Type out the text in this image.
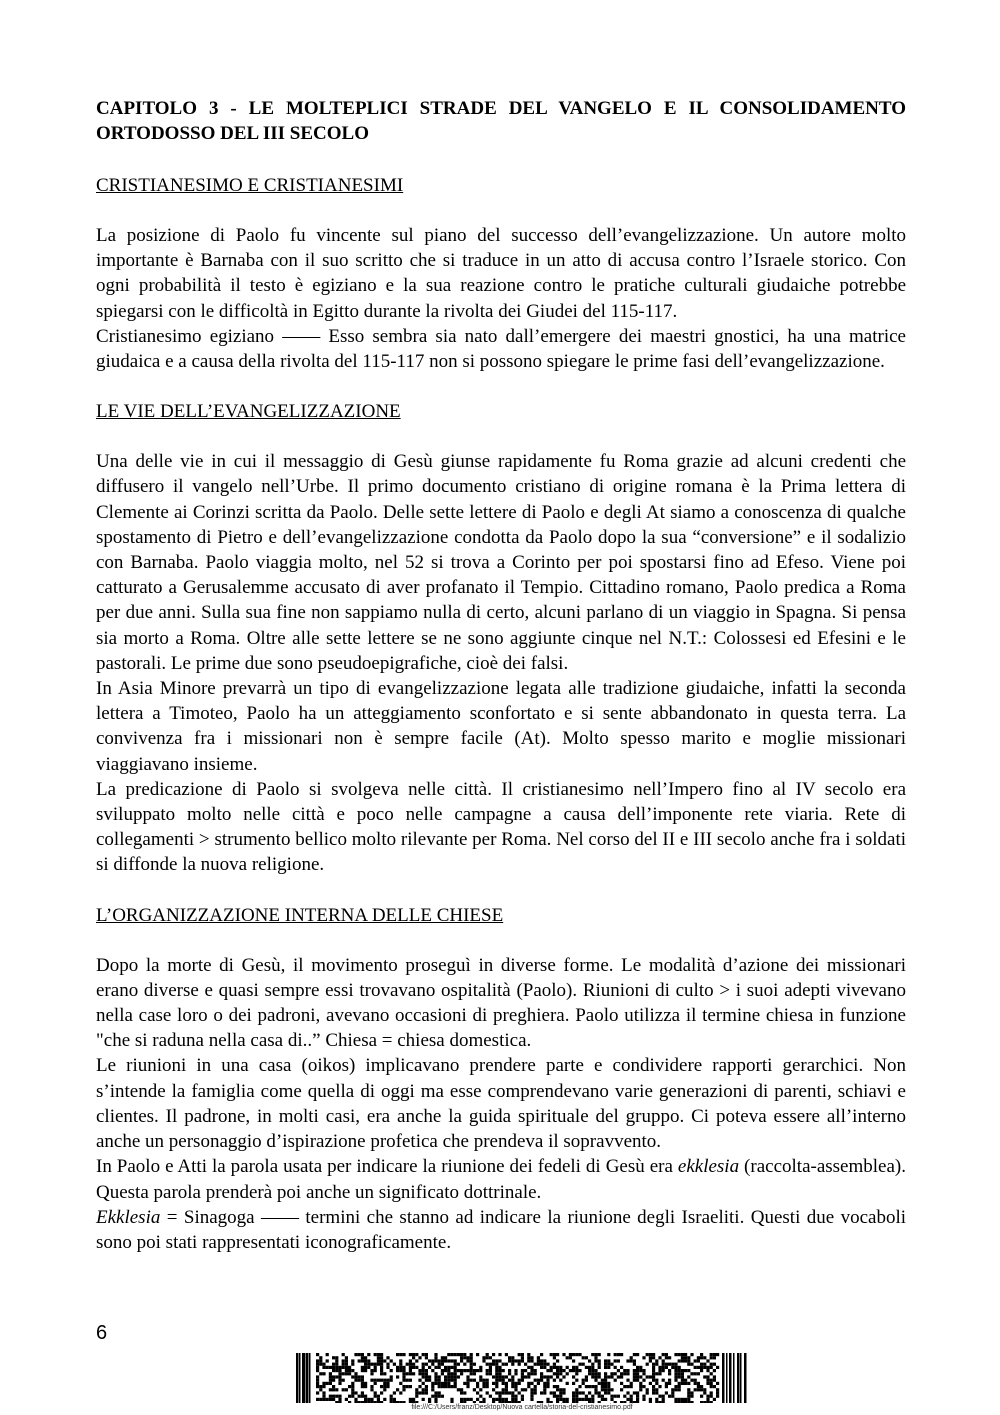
CAPITOLO 3 - LE MOLTEPLICI STRADE DEL VANGELO E IL CONSOLIDAMENTO ORTODOSSO DEL III SECOLO

CRISTIANESIMO E CRISTIANESIMI

La posizione di Paolo fu vincente sul piano del successo dell’evangelizzazione. Un autore molto importante è Barnaba con il suo scritto che si traduce in un atto di accusa contro l’Israele storico. Con ogni probabilità il testo è egiziano e la sua reazione contro le pratiche culturali giudaiche potrebbe spiegarsi con le difficoltà in Egitto durante la rivolta dei Giudei del 115-117.

Cristianesimo egiziano —— Esso sembra sia nato dall’emergere dei maestri gnostici, ha una matrice giudaica e a causa della rivolta del 115-117 non si possono spiegare le prime fasi dell’evangelizzazione.

LE VIE DELL’EVANGELIZZAZIONE

Una delle vie in cui il messaggio di Gesù giunse rapidamente fu Roma grazie ad alcuni credenti che diffusero il vangelo nell’Urbe. Il primo documento cristiano di origine romana è la Prima lettera di Clemente ai Corinzi scritta da Paolo. Delle sette lettere di Paolo e degli At siamo a conoscenza di qualche spostamento di Pietro e dell’evangelizzazione condotta da Paolo dopo la sua “conversione” e il sodalizio con Barnaba. Paolo viaggia molto, nel 52 si trova a Corinto per poi spostarsi fino ad Efeso. Viene poi catturato a Gerusalemme accusato di aver profanato il Tempio. Cittadino romano, Paolo predica a Roma per due anni. Sulla sua fine non sappiamo nulla di certo, alcuni parlano di un viaggio in Spagna. Si pensa sia morto a Roma. Oltre alle sette lettere se ne sono aggiunte cinque nel N.T.: Colossesi ed Efesini e le pastorali. Le prime due sono pseudoepigrafiche, cioè dei falsi.

In Asia Minore prevarrà un tipo di evangelizzazione legata alle tradizione giudaiche, infatti la seconda lettera a Timoteo, Paolo ha un atteggiamento sconfortato e si sente abbandonato in questa terra. La convivenza fra i missionari non è sempre facile (At). Molto spesso marito e moglie missionari viaggiavano insieme.

La predicazione di Paolo si svolgeva nelle città. Il cristianesimo nell’Impero fino al IV secolo era sviluppato molto nelle città e poco nelle campagne a causa dell’imponente rete viaria. Rete di collegamenti > strumento bellico molto rilevante per Roma. Nel corso del II e III secolo anche fra i soldati si diffonde la nuova religione.

L’ORGANIZZAZIONE INTERNA DELLE CHIESE

Dopo la morte di Gesù, il movimento proseguì in diverse forme. Le modalità d’azione dei missionari erano diverse e quasi sempre essi trovavano ospitalità (Paolo). Riunioni di culto > i suoi adepti vivevano nella case loro o dei padroni, avevano occasioni di preghiera. Paolo utilizza il termine chiesa in funzione "che si raduna nella casa di..” Chiesa = chiesa domestica.

Le riunioni in una casa (oikos) implicavano prendere parte e condividere rapporti gerarchici. Non s’intende la famiglia come quella di oggi ma esse comprendevano varie generazioni di parenti, schiavi e clientes. Il padrone, in molti casi, era anche la guida spirituale del gruppo. Ci poteva essere all’interno anche un personaggio d’ispirazione profetica che prendeva il sopravvento.

In Paolo e Atti la parola usata per indicare la riunione dei fedeli di Gesù era ekklesia (raccolta-assemblea). Questa parola prenderà poi anche un significato dottrinale.

Ekklesia = Sinagoga —— termini che stanno ad indicare la riunione degli Israeliti. Questi due vocaboli sono poi stati rappresentati iconograficamente.

6
file:///C:/Users/franz/Desktop/Nuova cartella/storia-del-cristianesimo.pdf
